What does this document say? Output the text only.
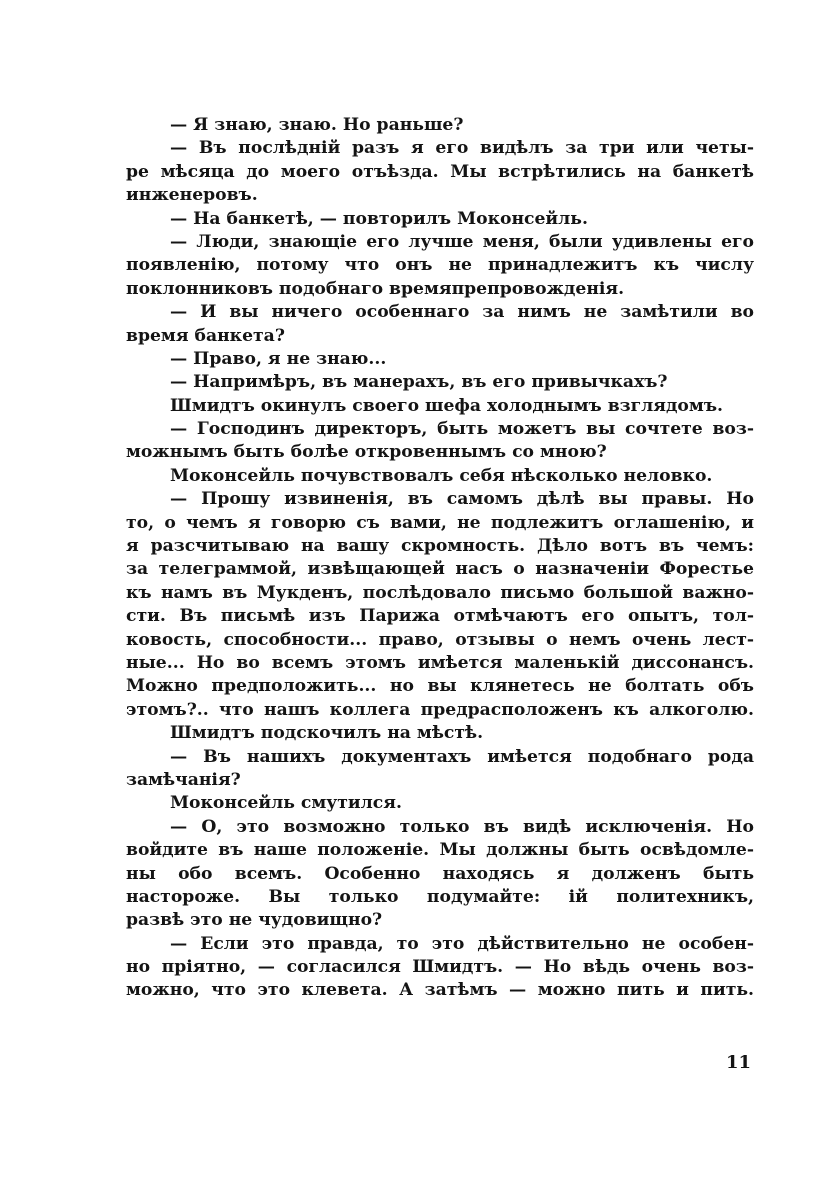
— Я знаю, знаю. Но раньше?
— Въ послѣдній разъ я его видѣлъ за три или четы-
ре мѣсяца до моего отъѣзда. Мы встрѣтились на банкетѣ
инженеровъ.
— На банкетѣ, — повторилъ Моконсейль.
— Люди, знающіе его лучше меня, были удивлены его
появленію, потому что онъ не принадлежитъ къ числу
поклонниковъ подобнаго времяпрепровожденія.
— И вы ничего особеннаго за нимъ не замѣтили во
время банкета?
— Право, я не знаю...
— Напримѣръ, въ манерахъ, въ его привычкахъ?
Шмидтъ окинулъ своего шефа холоднымъ взглядомъ.
— Господинъ директоръ, быть можетъ вы сочтете воз-
можнымъ быть болѣе откровеннымъ со мною?
Моконсейль почувствовалъ себя нѣсколько неловко.
— Прошу извиненія, въ самомъ дѣлѣ вы правы. Но
то, о чемъ я говорю съ вами, не подлежитъ оглашенію, и
я разсчитываю на вашу скромность. Дѣло вотъ въ чемъ:
за телеграммой, извѣщающей насъ о назначеніи Форестье
къ намъ въ Мукденъ, послѣдовало письмо большой важно-
сти. Въ письмѣ изъ Парижа отмѣчаютъ его опытъ, тол-
ковость, способности... право, отзывы о немъ очень лест-
ные... Но во всемъ этомъ имѣется маленькій диссонансъ.
Можно предположить... но вы клянетесь не болтать объ
этомъ?.. что нашъ коллега предрасположенъ къ алкоголю.
Шмидтъ подскочилъ на мѣстѣ.
— Въ нашихъ документахъ имѣется подобнаго рода
замѣчанія?
Моконсейль смутился.
— О, это возможно только въ видѣ исключенія. Но
войдите въ наше положеніе. Мы должны быть освѣдомле-
ны обо всемъ. Особенно находясь я долженъ быть
настороже. Вы только подумайте: ій политехникъ,
развѣ это не чудовищно?
— Если это правда, то это дѣйствительно не особен-
но пріятно, — согласился Шмидтъ. — Но вѣдь очень воз-
можно, что это клевета. А затѣмъ — можно пить и пить.
11
